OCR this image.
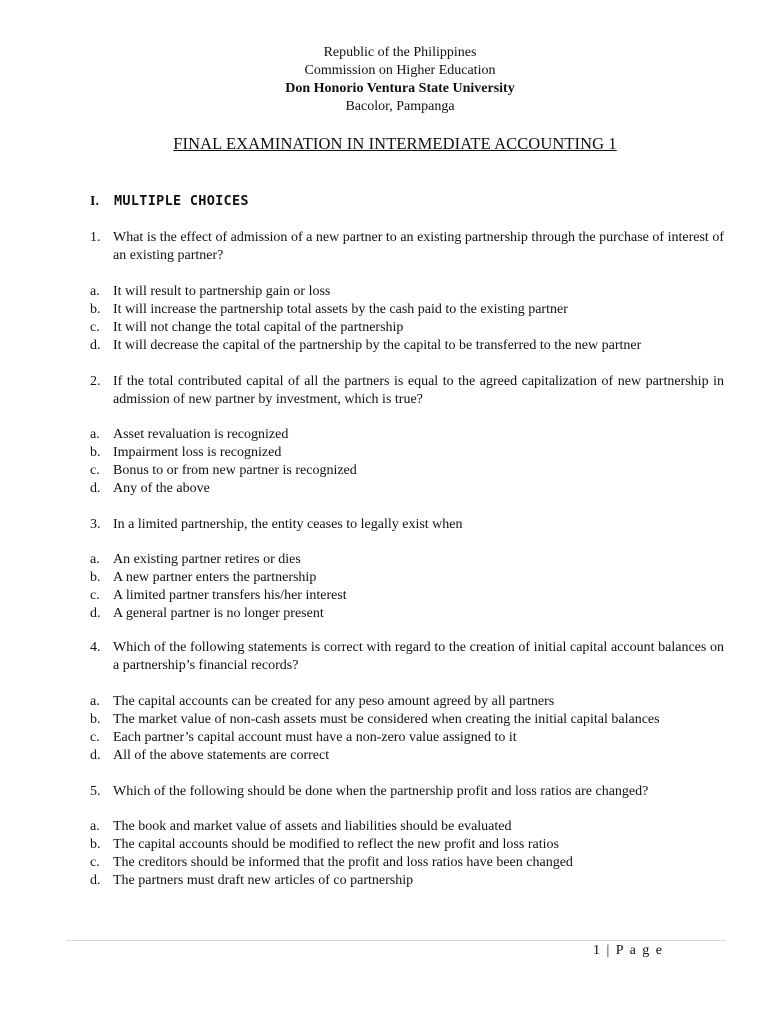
Republic of the Philippines
Commission on Higher Education
Don Honorio Ventura State University
Bacolor, Pampanga
FINAL EXAMINATION IN INTERMEDIATE ACCOUNTING 1
I. MULTIPLE CHOICES
1. What is the effect of admission of a new partner to an existing partnership through the purchase of interest of an existing partner?
a. It will result to partnership gain or loss
b. It will increase the partnership total assets by the cash paid to the existing partner
c. It will not change the total capital of the partnership
d. It will decrease the capital of the partnership by the capital to be transferred to the new partner
2. If the total contributed capital of all the partners is equal to the agreed capitalization of new partnership in admission of new partner by investment, which is true?
a. Asset revaluation is recognized
b. Impairment loss is recognized
c. Bonus to or from new partner is recognized
d. Any of the above
3. In a limited partnership, the entity ceases to legally exist when
a. An existing partner retires or dies
b. A new partner enters the partnership
c. A limited partner transfers his/her interest
d. A general partner is no longer present
4. Which of the following statements is correct with regard to the creation of initial capital account balances on a partnership’s financial records?
a. The capital accounts can be created for any peso amount agreed by all partners
b. The market value of non-cash assets must be considered when creating the initial capital balances
c. Each partner’s capital account must have a non-zero value assigned to it
d. All of the above statements are correct
5. Which of the following should be done when the partnership profit and loss ratios are changed?
a. The book and market value of assets and liabilities should be evaluated
b. The capital accounts should be modified to reflect the new profit and loss ratios
c. The creditors should be informed that the profit and loss ratios have been changed
d. The partners must draft new articles of co partnership
1 | P a g e
